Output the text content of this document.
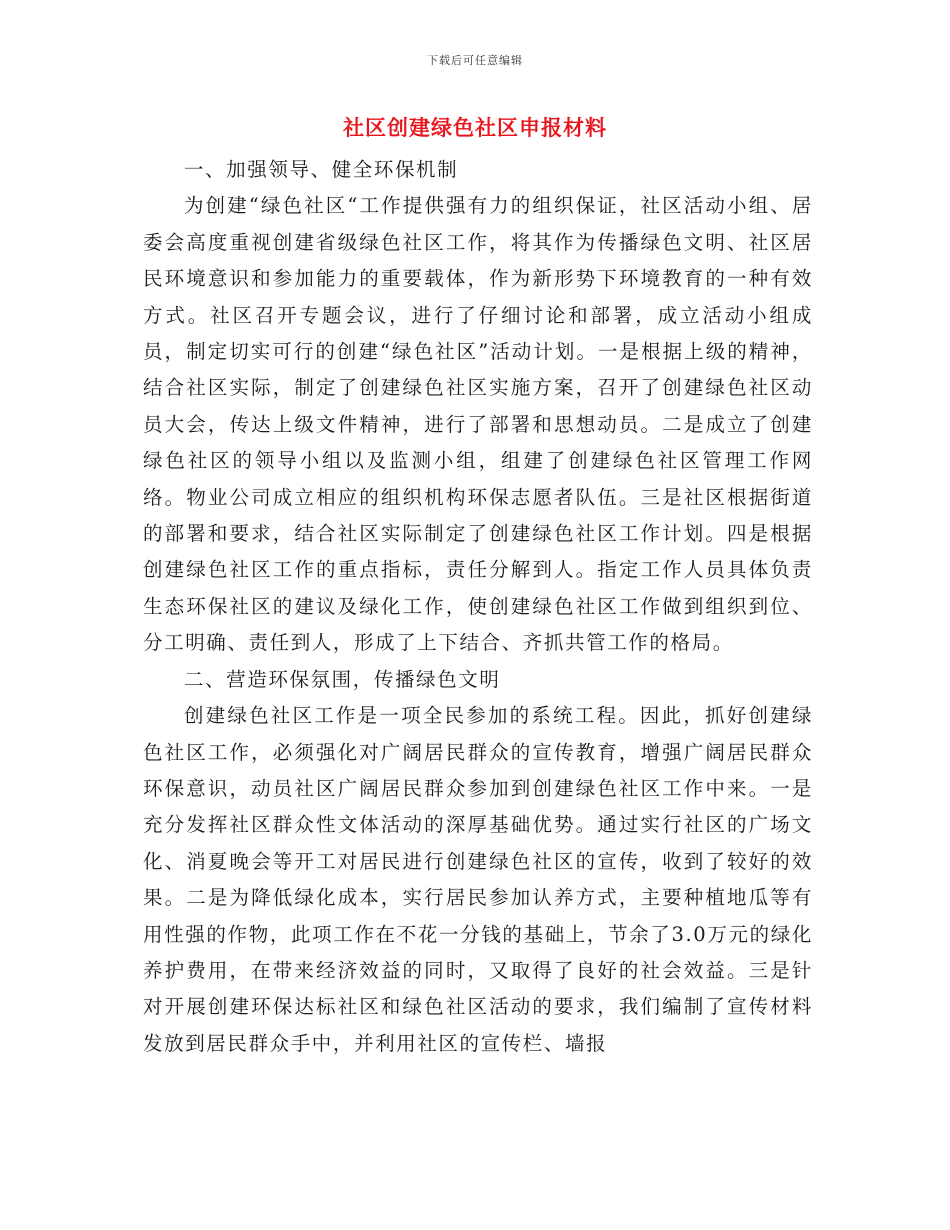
下载后可任意编辑
社区创建绿色社区申报材料

一、加强领导、健全环保机制

为创建“绿色社区“工作提供强有力的组织保证，社区活动小组、居委会高度重视创建省级绿色社区工作，将其作为传播绿色文明、社区居民环境意识和参加能力的重要载体，作为新形势下环境教育的一种有效方式。社区召开专题会议，进行了仔细讨论和部署，成立活动小组成员，制定切实可行的创建“绿色社区”活动计划。一是根据上级的精神，结合社区实际，制定了创建绿色社区实施方案，召开了创建绿色社区动员大会，传达上级文件精神，进行了部署和思想动员。二是成立了创建绿色社区的领导小组以及监测小组，组建了创建绿色社区管理工作网络。物业公司成立相应的组织机构环保志愿者队伍。三是社区根据街道的部署和要求，结合社区实际制定了创建绿色社区工作计划。四是根据创建绿色社区工作的重点指标，责任分解到人。指定工作人员具体负责生态环保社区的建议及绿化工作，使创建绿色社区工作做到组织到位、分工明确、责任到人，形成了上下结合、齐抓共管工作的格局。

二、营造环保氛围，传播绿色文明

创建绿色社区工作是一项全民参加的系统工程。因此，抓好创建绿色社区工作，必须强化对广阔居民群众的宣传教育，增强广阔居民群众环保意识，动员社区广阔居民群众参加到创建绿色社区工作中来。一是充分发挥社区群众性文体活动的深厚基础优势。通过实行社区的广场文化、消夏晚会等开工对居民进行创建绿色社区的宣传，收到了较好的效果。二是为降低绿化成本，实行居民参加认养方式，主要种植地瓜等有用性强的作物，此项工作在不花一分钱的基础上，节余了3.0万元的绿化养护费用，在带来经济效益的同时，又取得了良好的社会效益。三是针对开展创建环保达标社区和绿色社区活动的要求，我们编制了宣传材料发放到居民群众手中，并利用社区的宣传栏、墙报
